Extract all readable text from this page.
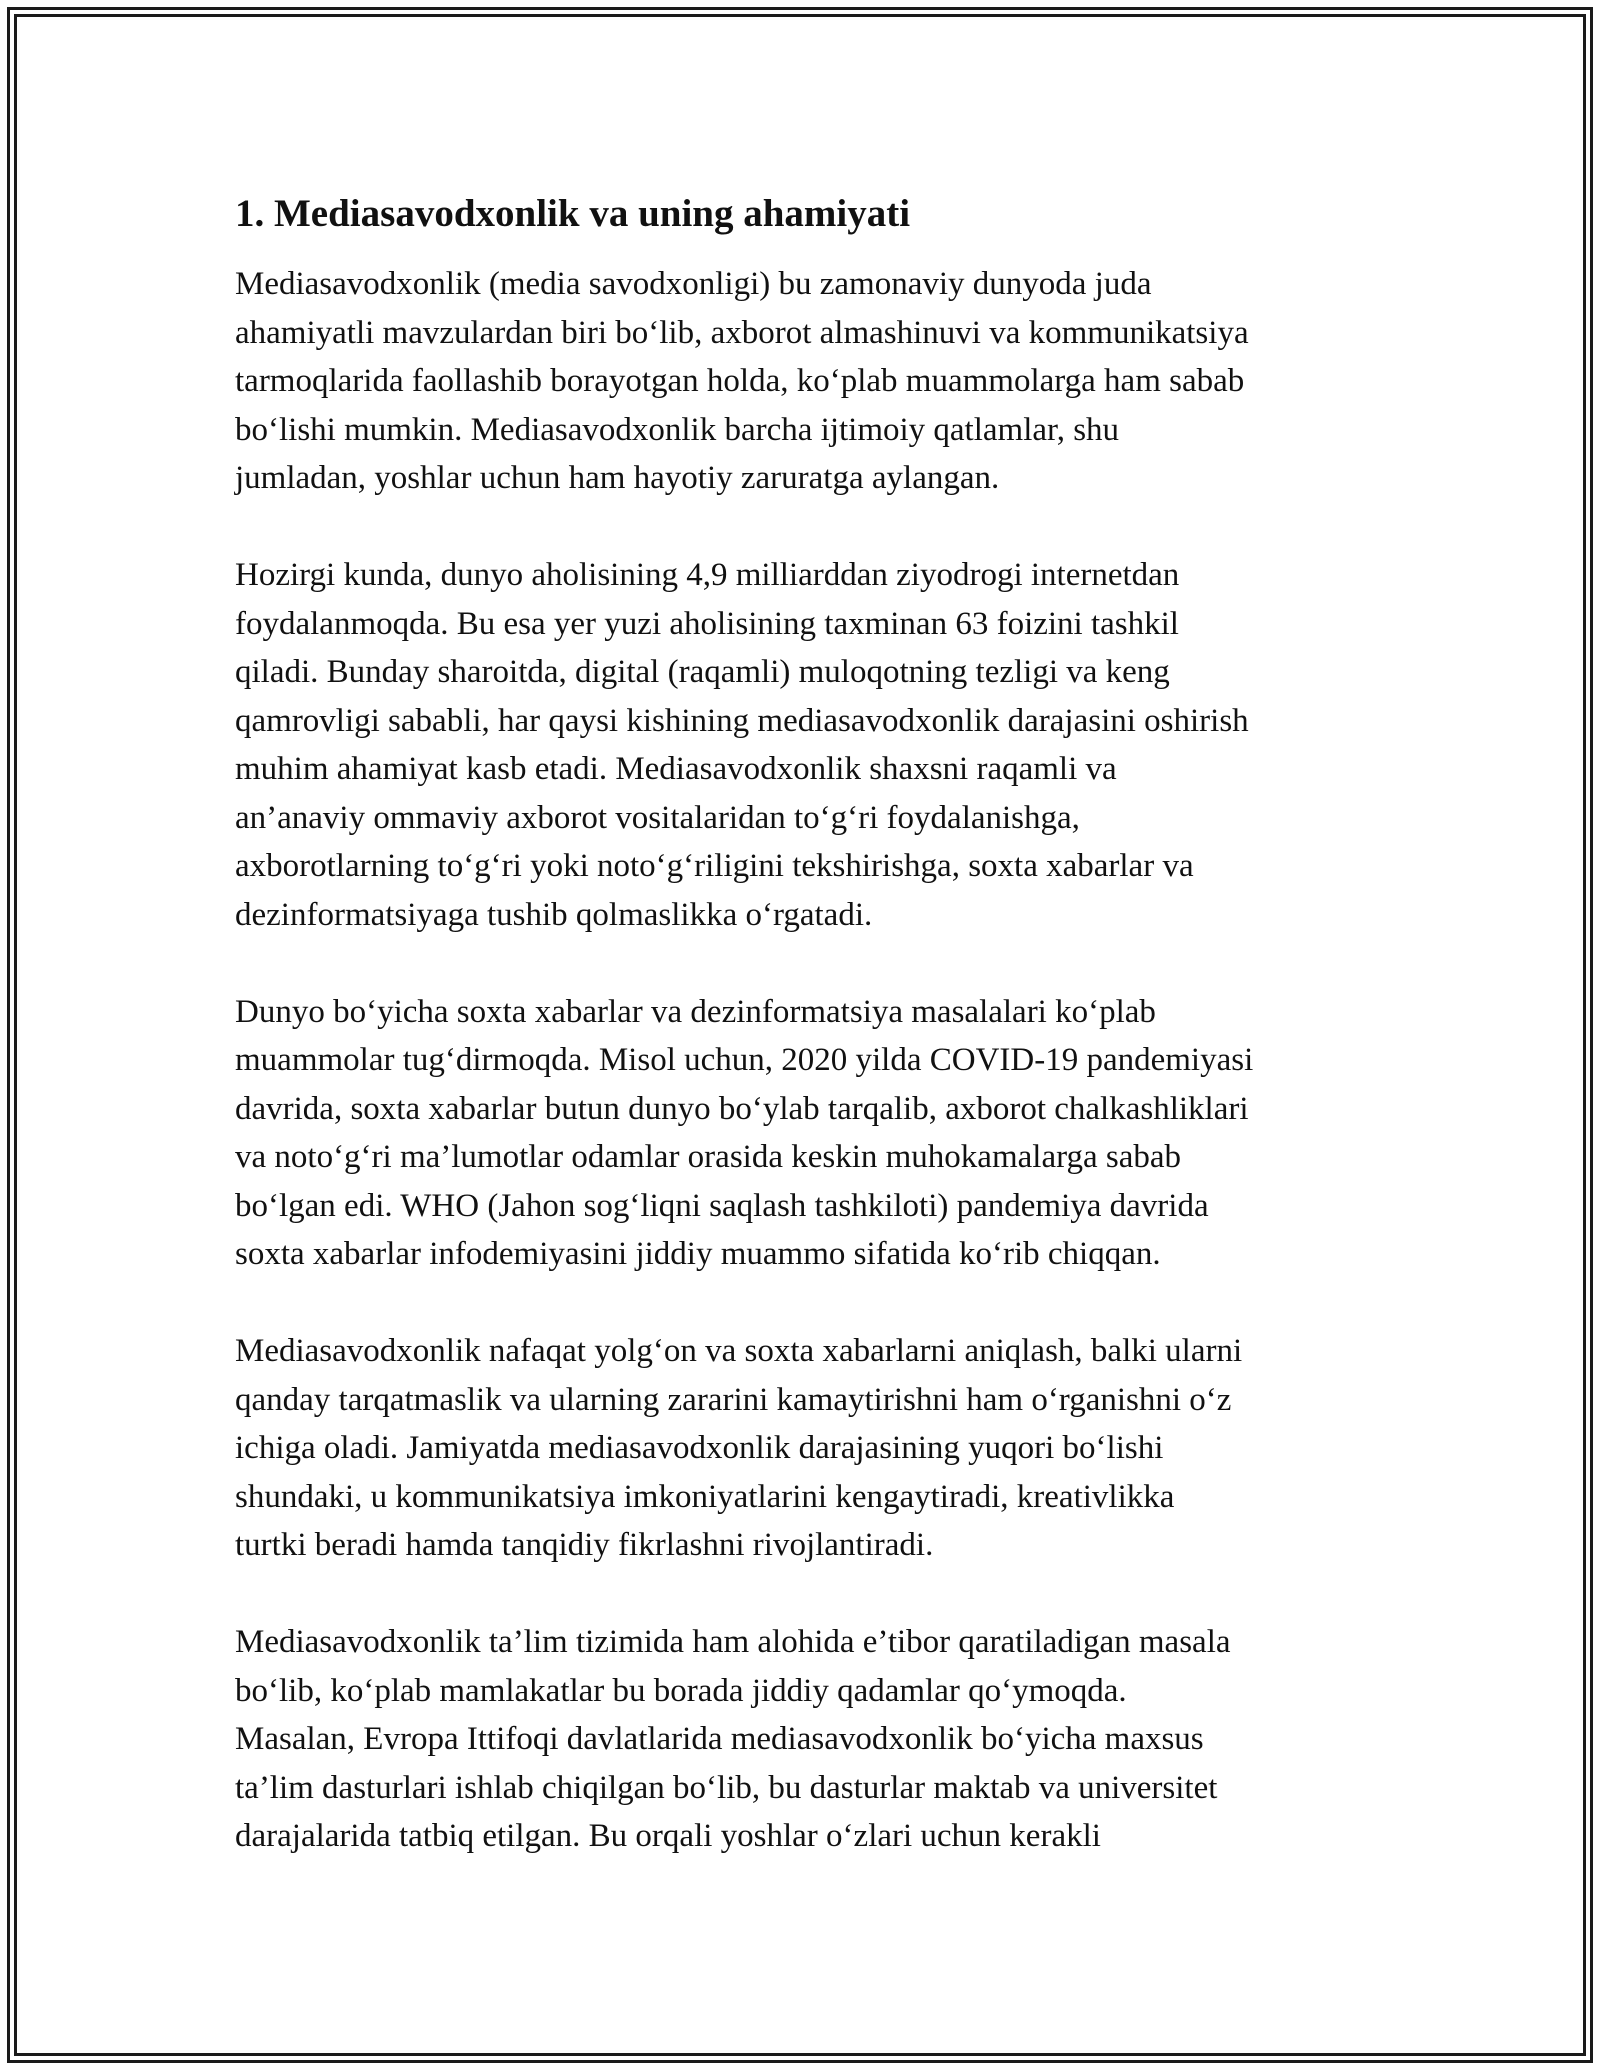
1. Mediasavodxonlik va uning ahamiyati
Mediasavodxonlik (media savodxonligi) bu zamonaviy dunyoda juda
ahamiyatli mavzulardan biri bo‘lib, axborot almashinuvi va kommunikatsiya
tarmoqlarida faollashib borayotgan holda, ko‘plab muammolarga ham sabab
bo‘lishi mumkin. Mediasavodxonlik barcha ijtimoiy qatlamlar, shu
jumladan, yoshlar uchun ham hayotiy zaruratga aylangan.
Hozirgi kunda, dunyo aholisining 4,9 milliarddan ziyodrogi internetdan
foydalanmoqda. Bu esa yer yuzi aholisining taxminan 63 foizini tashkil
qiladi. Bunday sharoitda, digital (raqamli) muloqotning tezligi va keng
qamrovligi sababli, har qaysi kishining mediasavodxonlik darajasini oshirish
muhim ahamiyat kasb etadi. Mediasavodxonlik shaxsni raqamli va
an’anaviy ommaviy axborot vositalaridan to‘g‘ri foydalanishga,
axborotlarning to‘g‘ri yoki noto‘g‘riligini tekshirishga, soxta xabarlar va
dezinformatsiyaga tushib qolmaslikka o‘rgatadi.
Dunyo bo‘yicha soxta xabarlar va dezinformatsiya masalalari ko‘plab
muammolar tug‘dirmoqda. Misol uchun, 2020 yilda COVID-19 pandemiyasi
davrida, soxta xabarlar butun dunyo bo‘ylab tarqalib, axborot chalkashliklari
va noto‘g‘ri ma’lumotlar odamlar orasida keskin muhokamalarga sabab
bo‘lgan edi. WHO (Jahon sog‘liqni saqlash tashkiloti) pandemiya davrida
soxta xabarlar infodemiyasini jiddiy muammo sifatida ko‘rib chiqqan.
Mediasavodxonlik nafaqat yolg‘on va soxta xabarlarni aniqlash, balki ularni
qanday tarqatmaslik va ularning zararini kamaytirishni ham o‘rganishni o‘z
ichiga oladi. Jamiyatda mediasavodxonlik darajasining yuqori bo‘lishi
shundaki, u kommunikatsiya imkoniyatlarini kengaytiradi, kreativlikka
turtki beradi hamda tanqidiy fikrlashni rivojlantiradi.
Mediasavodxonlik ta’lim tizimida ham alohida e’tibor qaratiladigan masala
bo‘lib, ko‘plab mamlakatlar bu borada jiddiy qadamlar qo‘ymoqda.
Masalan, Evropa Ittifoqi davlatlarida mediasavodxonlik bo‘yicha maxsus
ta’lim dasturlari ishlab chiqilgan bo‘lib, bu dasturlar maktab va universitet
darajalarida tatbiq etilgan. Bu orqali yoshlar o‘zlari uchun kerakli
